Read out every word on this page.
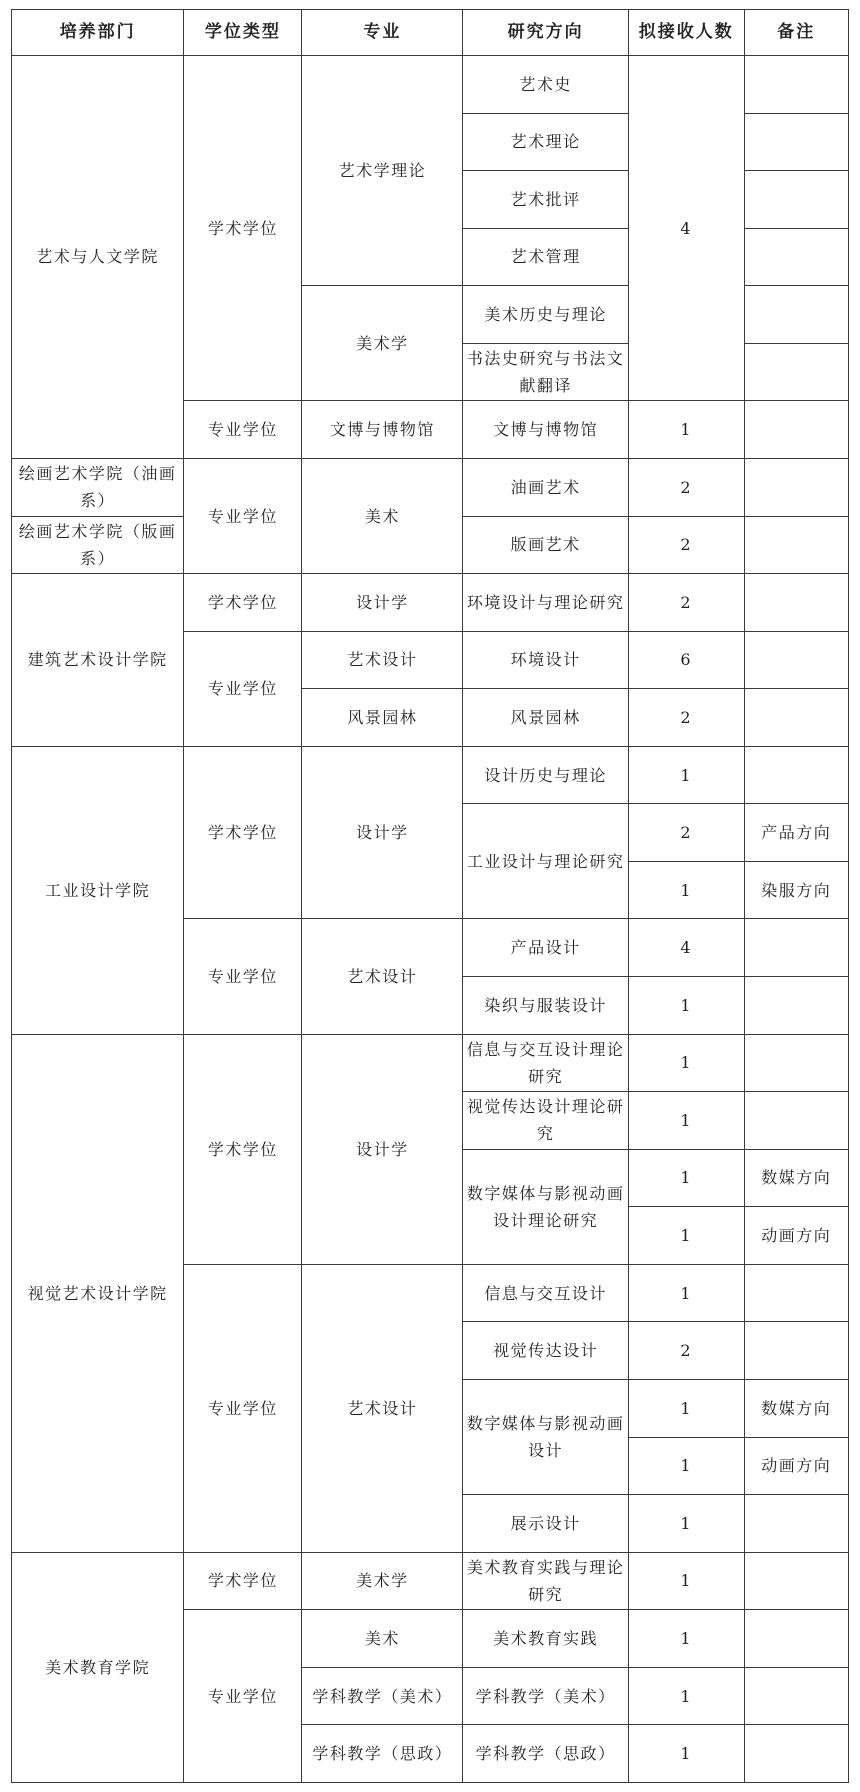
培养部门	学位类型	专业	研究方向	拟接收人数	备注
艺术与人文学院	学术学位	艺术学理论	艺术史	4	
			艺术理论		
			艺术批评		
			艺术管理		
		美术学	美术历史与理论		
			书法史研究与书法文献翻译		
	专业学位	文博与博物馆	文博与博物馆	1	
绘画艺术学院（油画系）	专业学位	美术	油画艺术	2	
绘画艺术学院（版画系）			版画艺术	2	
建筑艺术设计学院	学术学位	设计学	环境设计与理论研究	2	
	专业学位	艺术设计	环境设计	6	
		风景园林	风景园林	2	
工业设计学院	学术学位	设计学	设计历史与理论	1	
			工业设计与理论研究	2	产品方向
				1	染服方向
	专业学位	艺术设计	产品设计	4	
			染织与服装设计	1	
视觉艺术设计学院	学术学位	设计学	信息与交互设计理论研究	1	
			视觉传达设计理论研究	1	
			数字媒体与影视动画设计理论研究	1	数媒方向
				1	动画方向
	专业学位	艺术设计	信息与交互设计	1	
			视觉传达设计	2	
			数字媒体与影视动画设计	1	数媒方向
				1	动画方向
			展示设计	1	
美术教育学院	学术学位	美术学	美术教育实践与理论研究	1	
	专业学位	美术	美术教育实践	1	
		学科教学（美术）	学科教学（美术）	1	
		学科教学（思政）	学科教学（思政）	1	
